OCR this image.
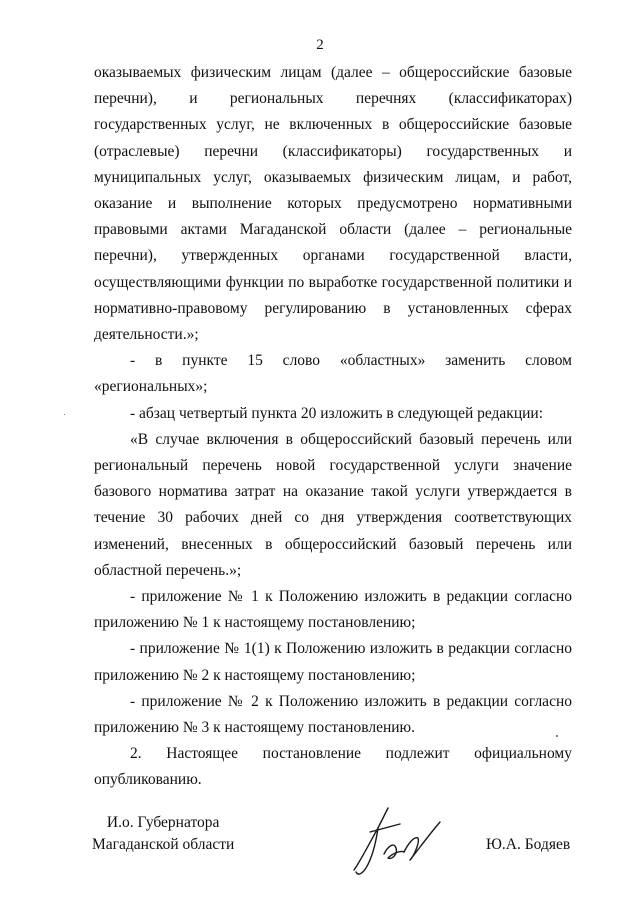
2

оказываемых физическим лицам (далее – общероссийские базовые перечни), и региональных перечнях (классификаторах) государственных услуг, не включенных в общероссийские базовые (отраслевые) перечни (классификаторы) государственных и муниципальных услуг, оказываемых физическим лицам, и работ, оказание и выполнение которых предусмотрено нормативными правовыми актами Магаданской области (далее – региональные перечни), утвержденных органами государственной власти, осуществляющими функции по выработке государственной политики и нормативно-правовому регулированию в установленных сферах деятельности.»;

- в пункте 15 слово «областных» заменить словом «региональных»;

- абзац четвертый пункта 20 изложить в следующей редакции:

«В случае включения в общероссийский базовый перечень или региональный перечень новой государственной услуги значение базового норматива затрат на оказание такой услуги утверждается в течение 30 рабочих дней со дня утверждения соответствующих изменений, внесенных в общероссийский базовый перечень или областной перечень.»;

- приложение № 1 к Положению изложить в редакции согласно приложению № 1 к настоящему постановлению;

- приложение № 1(1) к Положению изложить в редакции согласно приложению № 2 к настоящему постановлению;

- приложение № 2 к Положению изложить в редакции согласно приложению № 3 к настоящему постановлению.

2. Настоящее постановление подлежит официальному опубликованию.

И.о. Губернатора
Магаданской области	Ю.А. Бодяев
